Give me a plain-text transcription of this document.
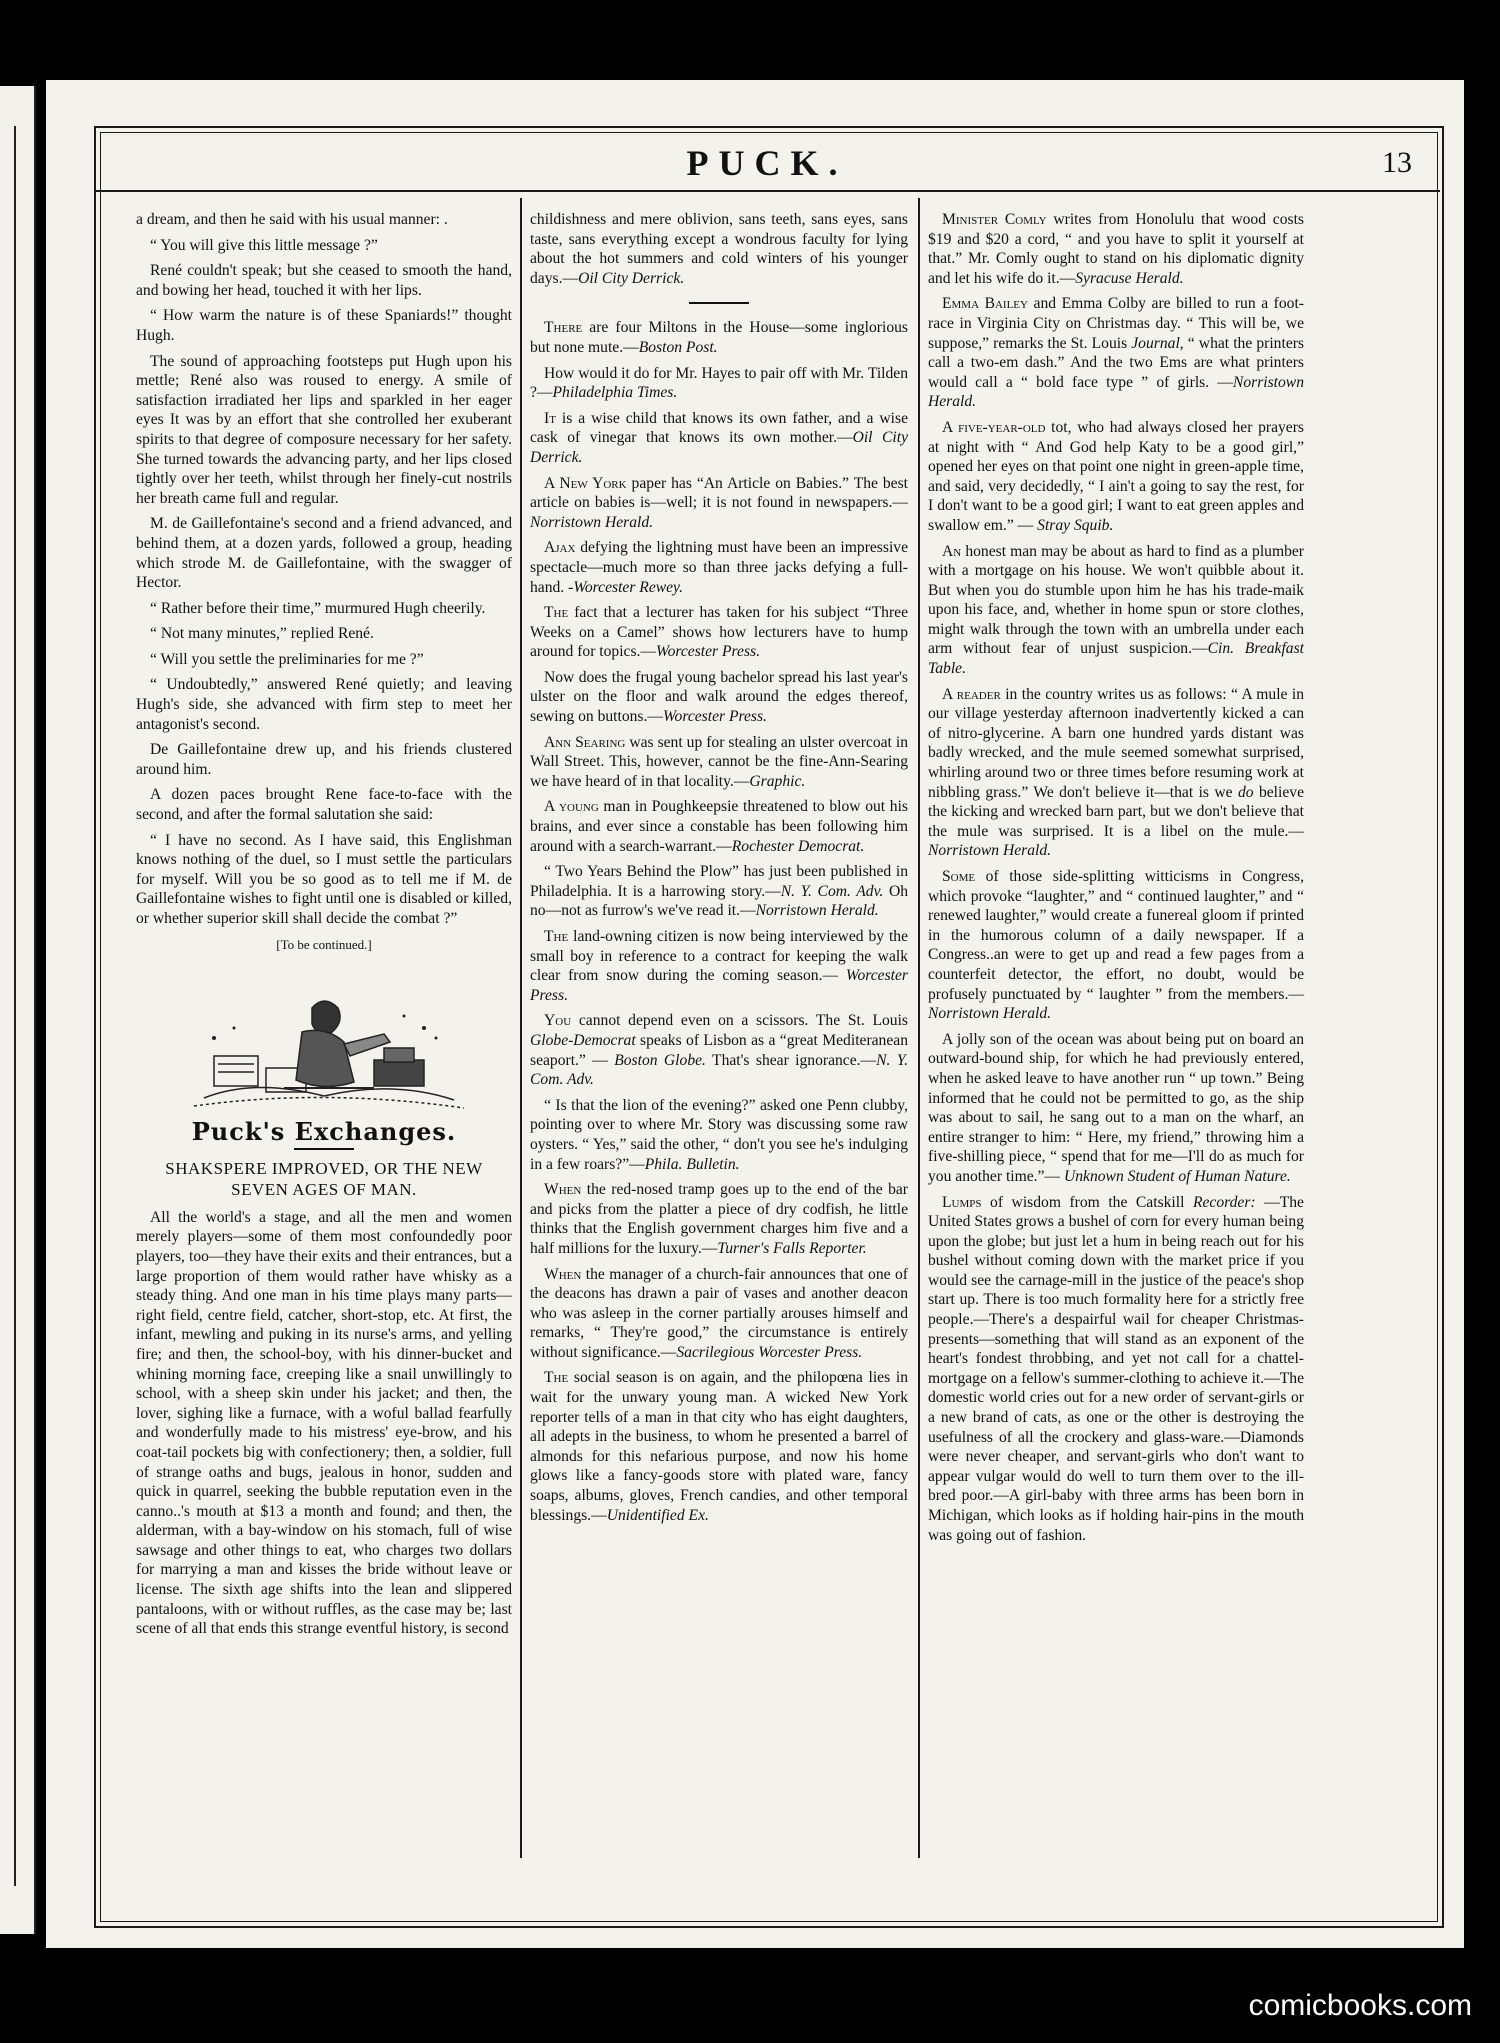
PUCK.	13

a dream, and then he said with his usual manner: .

“ You will give this little message ?”

René couldn't speak; but she ceased to smooth the hand, and bowing her head, touched it with her lips.

“ How warm the nature is of these Spaniards!” thought Hugh.

The sound of approaching footsteps put Hugh upon his mettle; René also was roused to energy. A smile of satisfaction irradiated her lips and sparkled in her eager eyes It was by an effort that she controlled her exuberant spirits to that degree of composure necessary for her safety. She turned towards the advancing party, and her lips closed tightly over her teeth, whilst through her finely-cut nostrils her breath came full and regular.

M. de Gaillefontaine's second and a friend advanced, and behind them, at a dozen yards, followed a group, heading which strode M. de Gaillefontaine, with the swagger of Hector.

“ Rather before their time,” murmured Hugh cheerily.

“ Not many minutes,” replied René.

“ Will you settle the preliminaries for me ?”

“ Undoubtedly,” answered René quietly; and leaving Hugh's side, she advanced with firm step to meet her antagonist's second.

De Gaillefontaine drew up, and his friends clustered around him.

A dozen paces brought Rene face-to-face with the second, and after the formal salutation she said:

“ I have no second. As I have said, this Englishman knows nothing of the duel, so I must settle the particulars for myself. Will you be so good as to tell me if M. de Gaillefontaine wishes to fight until one is disabled or killed, or whether superior skill shall decide the combat ?”

[To be continued.]
Puck's Exchanges.
SHAKSPERE IMPROVED, OR THE NEW SEVEN AGES OF MAN.

All the world's a stage, and all the men and women merely players—some of them most confoundedly poor players, too—they have their exits and their entrances, but a large proportion of them would rather have whisky as a steady thing. And one man in his time plays many parts—right field, centre field, catcher, short-stop, etc. At first, the infant, mewling and puking in its nurse's arms, and yelling fire; and then, the school-boy, with his dinner-bucket and whining morning face, creeping like a snail unwillingly to school, with a sheep skin under his jacket; and then, the lover, sighing like a furnace, with a woful ballad fearfully and wonderfully made to his mistress' eye-brow, and his coat-tail pockets big with confectionery; then, a soldier, full of strange oaths and bugs, jealous in honor, sudden and quick in quarrel, seeking the bubble reputation even in the canno..'s mouth at $13 a month and found; and then, the alderman, with a bay-window on his stomach, full of wise sawsage and other things to eat, who charges two dollars for marrying a man and kisses the bride without leave or license. The sixth age shifts into the lean and slippered pantaloons, with or without ruffles, as the case may be; last scene of all that ends this strange eventful history, is second

childishness and mere oblivion, sans teeth, sans eyes, sans taste, sans everything except a wondrous faculty for lying about the hot summers and cold winters of his younger days.—Oil City Derrick.

There are four Miltons in the House—some inglorious but none mute.—Boston Post.

How would it do for Mr. Hayes to pair off with Mr. Tilden ?—Philadelphia Times.

It is a wise child that knows its own father, and a wise cask of vinegar that knows its own mother.—Oil City Derrick.

A New York paper has “An Article on Babies.” The best article on babies is—well; it is not found in newspapers.—Norristown Herald.

Ajax defying the lightning must have been an impressive spectacle—much more so than three jacks defying a full-hand. -Worcester Rewey.

The fact that a lecturer has taken for his subject “Three Weeks on a Camel” shows how lecturers have to hump around for topics.—Worcester Press.

Now does the frugal young bachelor spread his last year's ulster on the floor and walk around the edges thereof, sewing on buttons.—Worcester Press.

Ann Searing was sent up for stealing an ulster overcoat in Wall Street. This, however, cannot be the fine-Ann-Searing we have heard of in that locality.—Graphic.

A young man in Poughkeepsie threatened to blow out his brains, and ever since a constable has been following him around with a search-warrant.—Rochester Democrat.

“ Two Years Behind the Plow” has just been published in Philadelphia. It is a harrowing story.—N. Y. Com. Adv. Oh no—not as furrow's we've read it.—Norristown Herald.

The land-owning citizen is now being interviewed by the small boy in reference to a contract for keeping the walk clear from snow during the coming season.— Worcester Press.

You cannot depend even on a scissors. The St. Louis Globe-Democrat speaks of Lisbon as a “great Mediteranean seaport.” — Boston Globe. That's shear ignorance.—N. Y. Com. Adv.

“ Is that the lion of the evening?” asked one Penn clubby, pointing over to where Mr. Story was discussing some raw oysters. “ Yes,” said the other, “ don't you see he's indulging in a few roars?”—Phila. Bulletin.

When the red-nosed tramp goes up to the end of the bar and picks from the platter a piece of dry codfish, he little thinks that the English government charges him five and a half millions for the luxury.—Turner's Falls Reporter.

When the manager of a church-fair announces that one of the deacons has drawn a pair of vases and another deacon who was asleep in the corner partially arouses himself and remarks, “ They're good,” the circumstance is entirely without significance.—Sacrilegious Worcester Press.

The social season is on again, and the philopœna lies in wait for the unwary young man. A wicked New York reporter tells of a man in that city who has eight daughters, all adepts in the business, to whom he presented a barrel of almonds for this nefarious purpose, and now his home glows like a fancy-goods store with plated ware, fancy soaps, albums, gloves, French candies, and other temporal blessings.—Unidentified Ex.

Minister Comly writes from Honolulu that wood costs $19 and $20 a cord, “ and you have to split it yourself at that.” Mr. Comly ought to stand on his diplomatic dignity and let his wife do it.—Syracuse Herald.

Emma Bailey and Emma Colby are billed to run a foot-race in Virginia City on Christmas day. “ This will be, we suppose,” remarks the St. Louis Journal, “ what the printers call a two-em dash.” And the two Ems are what printers would call a “ bold face type ” of girls. —Norristown Herald.

A five-year-old tot, who had always closed her prayers at night with “ And God help Katy to be a good girl,” opened her eyes on that point one night in green-apple time, and said, very decidedly, “ I ain't a going to say the rest, for I don't want to be a good girl; I want to eat green apples and swallow em.” — Stray Squib.

An honest man may be about as hard to find as a plumber with a mortgage on his house. We won't quibble about it. But when you do stumble upon him he has his trade-maik upon his face, and, whether in home spun or store clothes, might walk through the town with an umbrella under each arm without fear of unjust suspicion.—Cin. Breakfast Table.

A reader in the country writes us as follows: “ A mule in our village yesterday afternoon inadvertently kicked a can of nitro-glycerine. A barn one hundred yards distant was badly wrecked, and the mule seemed somewhat surprised, whirling around two or three times before resuming work at nibbling grass.” We don't believe it—that is we do believe the kicking and wrecked barn part, but we don't believe that the mule was surprised. It is a libel on the mule.—Norristown Herald.

Some of those side-splitting witticisms in Congress, which provoke “laughter,” and “ continued laughter,” and “ renewed laughter,” would create a funereal gloom if printed in the humorous column of a daily newspaper. If a Congress..an were to get up and read a few pages from a counterfeit detector, the effort, no doubt, would be profusely punctuated by “ laughter ” from the members.—Norristown Herald.

A jolly son of the ocean was about being put on board an outward-bound ship, for which he had previously entered, when he asked leave to have another run “ up town.” Being informed that he could not be permitted to go, as the ship was about to sail, he sang out to a man on the wharf, an entire stranger to him: “ Here, my friend,” throwing him a five-shilling piece, “ spend that for me—I'll do as much for you another time.”— Unknown Student of Human Nature.

Lumps of wisdom from the Catskill Recorder: —The United States grows a bushel of corn for every human being upon the globe; but just let a hum in being reach out for his bushel without coming down with the market price if you would see the carnage-mill in the justice of the peace's shop start up. There is too much formality here for a strictly free people.—There's a despairful wail for cheaper Christmas-presents—something that will stand as an exponent of the heart's fondest throbbing, and yet not call for a chattel-mortgage on a fellow's summer-clothing to achieve it.—The domestic world cries out for a new order of servant-girls or a new brand of cats, as one or the other is destroying the usefulness of all the crockery and glass-ware.—Diamonds were never cheaper, and servant-girls who don't want to appear vulgar would do well to turn them over to the ill-bred poor.—A girl-baby with three arms has been born in Michigan, which looks as if holding hair-pins in the mouth was going out of fashion.

comicbooks.com
